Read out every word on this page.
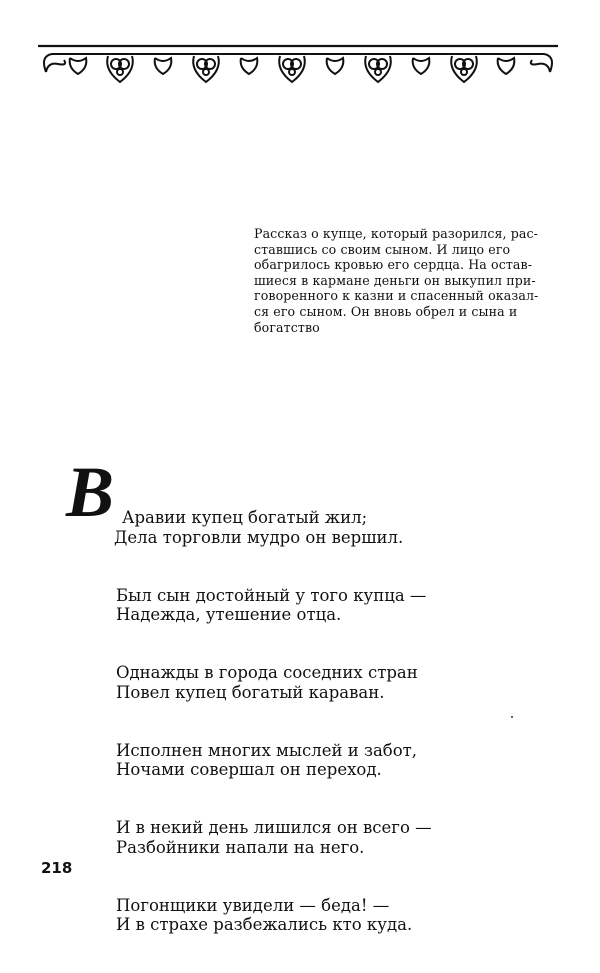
Рассказ о купце, который разорился, рас-
ставшись со своим сыном. И лицо его
обагрилось кровью его сердца. На остав-
шиеся в кармане деньги он выкупил при-
говоренного к казни и спасенный оказал-
ся его сыном. Он вновь обрел и сына и
богатство
В Аравии купец богатый жил;
Дела торговли мудро он вершил.
Был сын достойный у того купца —
Надежда, утешение отца.
Однажды в города соседних стран
Повел купец богатый караван.
Исполнен многих мыслей и забот,
Ночами совершал он переход.
И в некий день лишился он всего —
Разбойники напали на него.
Погонщики увидели — беда! —
И в страхе разбежались кто куда.
218
